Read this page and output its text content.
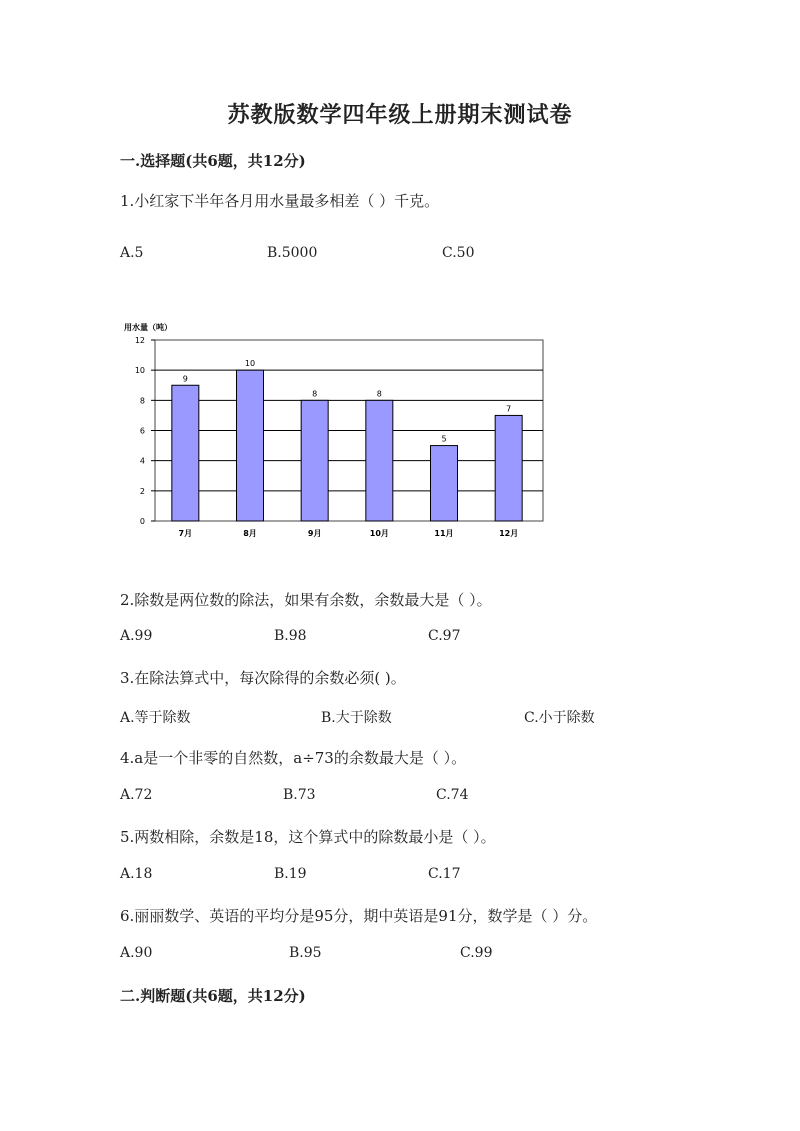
苏教版数学四年级上册期末测试卷
一.选择题(共6题，共12分)
1.小红家下半年各月用水量最多相差（ ）千克。
A.5	B.5000	C.50
用水量（吨）
0
2
4
6
8
10
12
9
7月
10
8月
8
9月
8
10月
5
11月
7
12月
2.除数是两位数的除法，如果有余数，余数最大是（ ）。
A.99	B.98	C.97
3.在除法算式中，每次除得的余数必须( )。
A.等于除数	B.大于除数	C.小于除数
4.a是一个非零的自然数，a÷73的余数最大是（ ）。
A.72	B.73	C.74
5.两数相除，余数是18，这个算式中的除数最小是（ ）。
A.18	B.19	C.17
6.丽丽数学、英语的平均分是95分，期中英语是91分，数学是（ ）分。
A.90	B.95	C.99
二.判断题(共6题，共12分)
